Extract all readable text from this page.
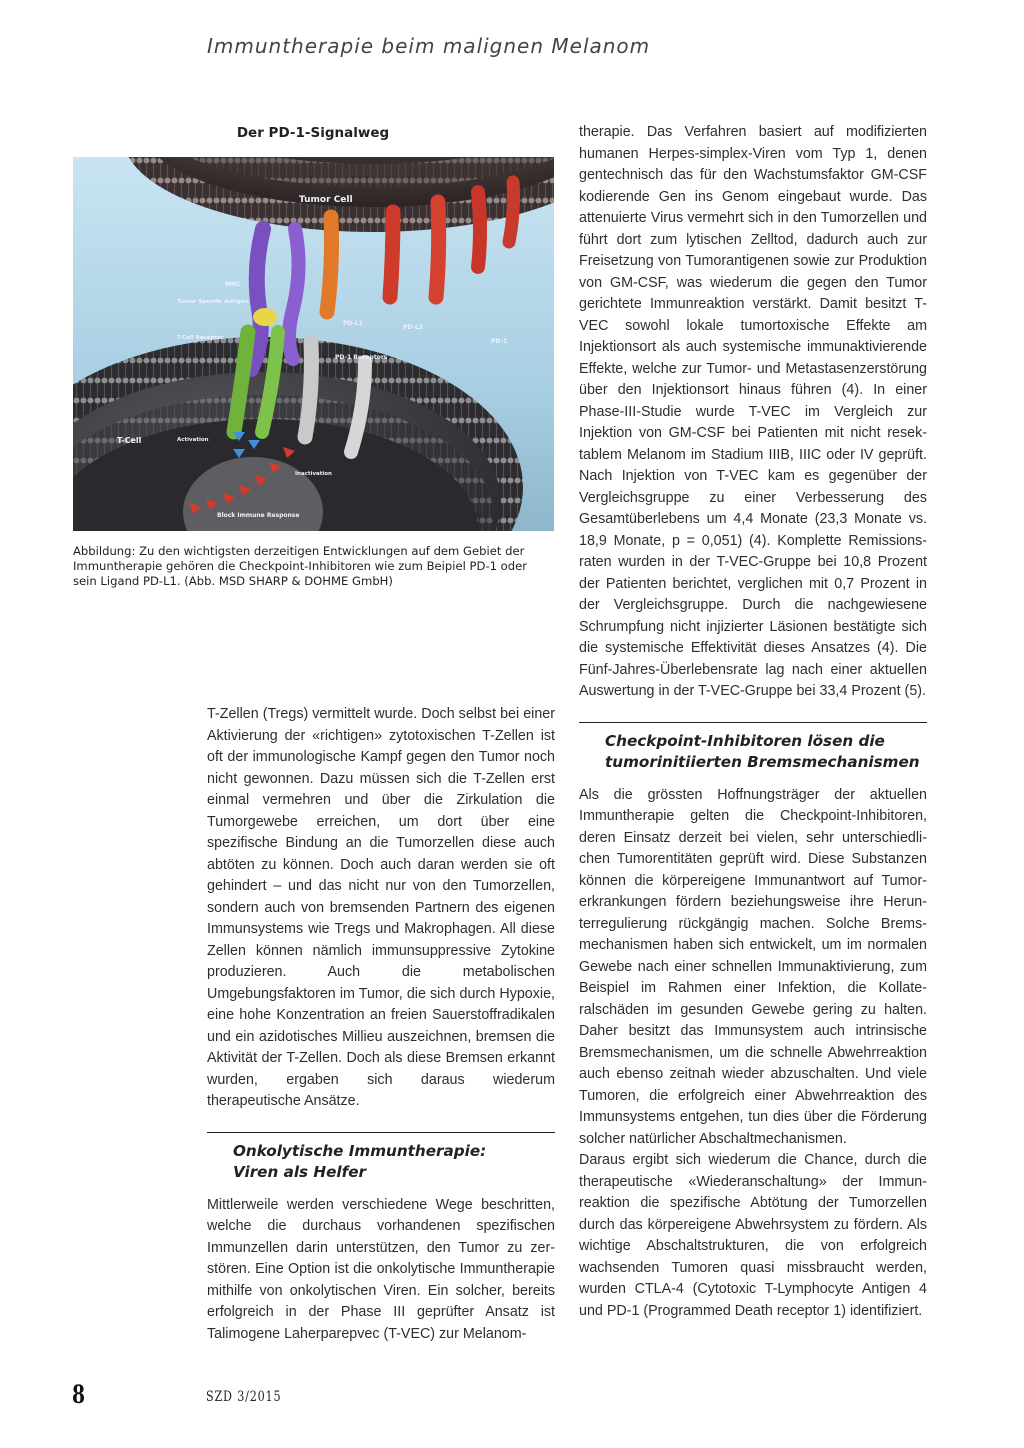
Immuntherapie beim malignen Melanom
Der PD-1-Signalweg
Tumor Cell
MHC
Tumor Specific Antigen
T-Cell Receptor
PD-L1
PD-L2
PD-1 Receptors
PD-1
T-Cell	Activation
Inactivation
Block Immune Response
Abbildung: Zu den wichtigsten derzeitigen Entwicklungen auf dem Gebiet der Immuntherapie gehören die Checkpoint-Inhibitoren wie zum Beipiel PD-1 oder sein Ligand PD-L1. (Abb. MSD SHARP & DOHME GmbH)

T-Zellen (Tregs) vermittelt wurde. Doch selbst bei einer Aktivierung der «richtigen» zytotoxischen T-Zellen ist oft der immunologische Kampf gegen den Tumor noch nicht gewonnen. Dazu müssen sich die T-Zellen erst einmal vermehren und über die Zirkulation die Tumorgewebe erreichen, um dort über eine spezifische Bindung an die Tumorzellen diese auch abtöten zu können. Doch auch daran werden sie oft gehindert – und das nicht nur von den Tumorzellen, sondern auch von bremsenden Partnern des eigenen Immunsystems wie Tregs und Makrophagen. All diese Zellen können nämlich immunsuppressive Zytokine produzieren. Auch die metabolischen Umgebungsfaktoren im Tumor, die sich durch Hypoxie, eine hohe Konzentration an freien Sauerstoffradikalen und ein azidotisches Millieu auszeichnen, bremsen die Aktivität der T-Zellen. Doch als diese Bremsen erkannt wurden, ergaben sich daraus wiederum therapeutische Ansätze.

Onkolytische Immuntherapie:
Viren als Helfer

Mittlerweile werden verschiedene Wege beschritten, welche die durchaus vorhandenen spezifischen Immunzellen darin unterstützen, den Tumor zu zerstören. Eine Option ist die onkolytische Immuntherapie mithilfe von onkolytischen Viren. Ein solcher, bereits erfolgreich in der Phase III geprüfter Ansatz ist Talimogene Laherparepvec (T-VEC) zur Melanom-

therapie. Das Verfahren basiert auf modifizierten humanen Herpes-simplex-Viren vom Typ 1, denen gentechnisch das für den Wachstumsfaktor GM-CSF kodierende Gen ins Genom eingebaut wurde. Das attenuierte Virus vermehrt sich in den Tumorzellen und führt dort zum lytischen Zelltod, dadurch auch zur Freisetzung von Tumorantigenen sowie zur Produktion von GM-CSF, was wiederum die gegen den Tumor gerichtete Immunreaktion verstärkt. Damit besitzt T-VEC sowohl lokale tumortoxische Effekte am Injektionsort als auch systemische immunaktivierende Effekte, welche zur Tumor- und Metastasenzerstörung über den Injektionsort hinaus führen (4). In einer Phase-III-Studie wurde T-VEC im Vergleich zur Injektion von GM-CSF bei Patienten mit nicht resektablem Melanom im Stadium IIIB, IIIC oder IV geprüft. Nach Injektion von T-VEC kam es gegenüber der Vergleichsgruppe zu einer Verbesserung des Gesamtüberlebens um 4,4 Monate (23,3 Monate vs. 18,9 Monate, p = 0,051) (4). Komplette Remissionsraten wurden in der T-VEC-Gruppe bei 10,8 Prozent der Patienten berichtet, verglichen mit 0,7 Prozent in der Vergleichsgruppe. Durch die nachgewiesene Schrumpfung nicht injizierter Läsionen bestätigte sich die systemische Effektivität dieses Ansatzes (4). Die Fünf-Jahres-Überlebensrate lag nach einer aktuellen Auswertung in der T-VEC-Gruppe bei 33,4 Prozent (5).

Checkpoint-Inhibitoren lösen die
tumorinitiierten Bremsmechanismen

Als die grössten Hoffnungsträger der aktuellen Immuntherapie gelten die Checkpoint-Inhibitoren, deren Einsatz derzeit bei vielen, sehr unterschiedlichen Tumorentitäten geprüft wird. Diese Substanzen können die körpereigene Immunantwort auf Tumorerkrankungen fördern beziehungsweise ihre Herunterregulierung rückgängig machen. Solche Bremsmechanismen haben sich entwickelt, um im normalen Gewebe nach einer schnellen Immunaktivierung, zum Beispiel im Rahmen einer Infektion, die Kollateralschäden im gesunden Gewebe gering zu halten. Daher besitzt das Immunsystem auch intrinsische Bremsmechanismen, um die schnelle Abwehrreaktion auch ebenso zeitnah wieder abzuschalten. Und viele Tumoren, die erfolgreich einer Abwehrreaktion des Immunsystems entgehen, tun dies über die Förderung solcher natürlicher Abschaltmechanismen.

Daraus ergibt sich wiederum die Chance, durch die therapeutische «Wiederanschaltung» der Immunreaktion die spezifische Abtötung der Tumorzellen durch das körpereigene Abwehrsystem zu fördern. Als wichtige Abschaltstrukturen, die von erfolgreich wachsenden Tumoren quasi missbraucht werden, wurden CTLA-4 (Cytotoxic T-Lymphocyte Antigen 4 und PD-1 (Programmed Death receptor 1) identifiziert.

8	SZD 3/2015
